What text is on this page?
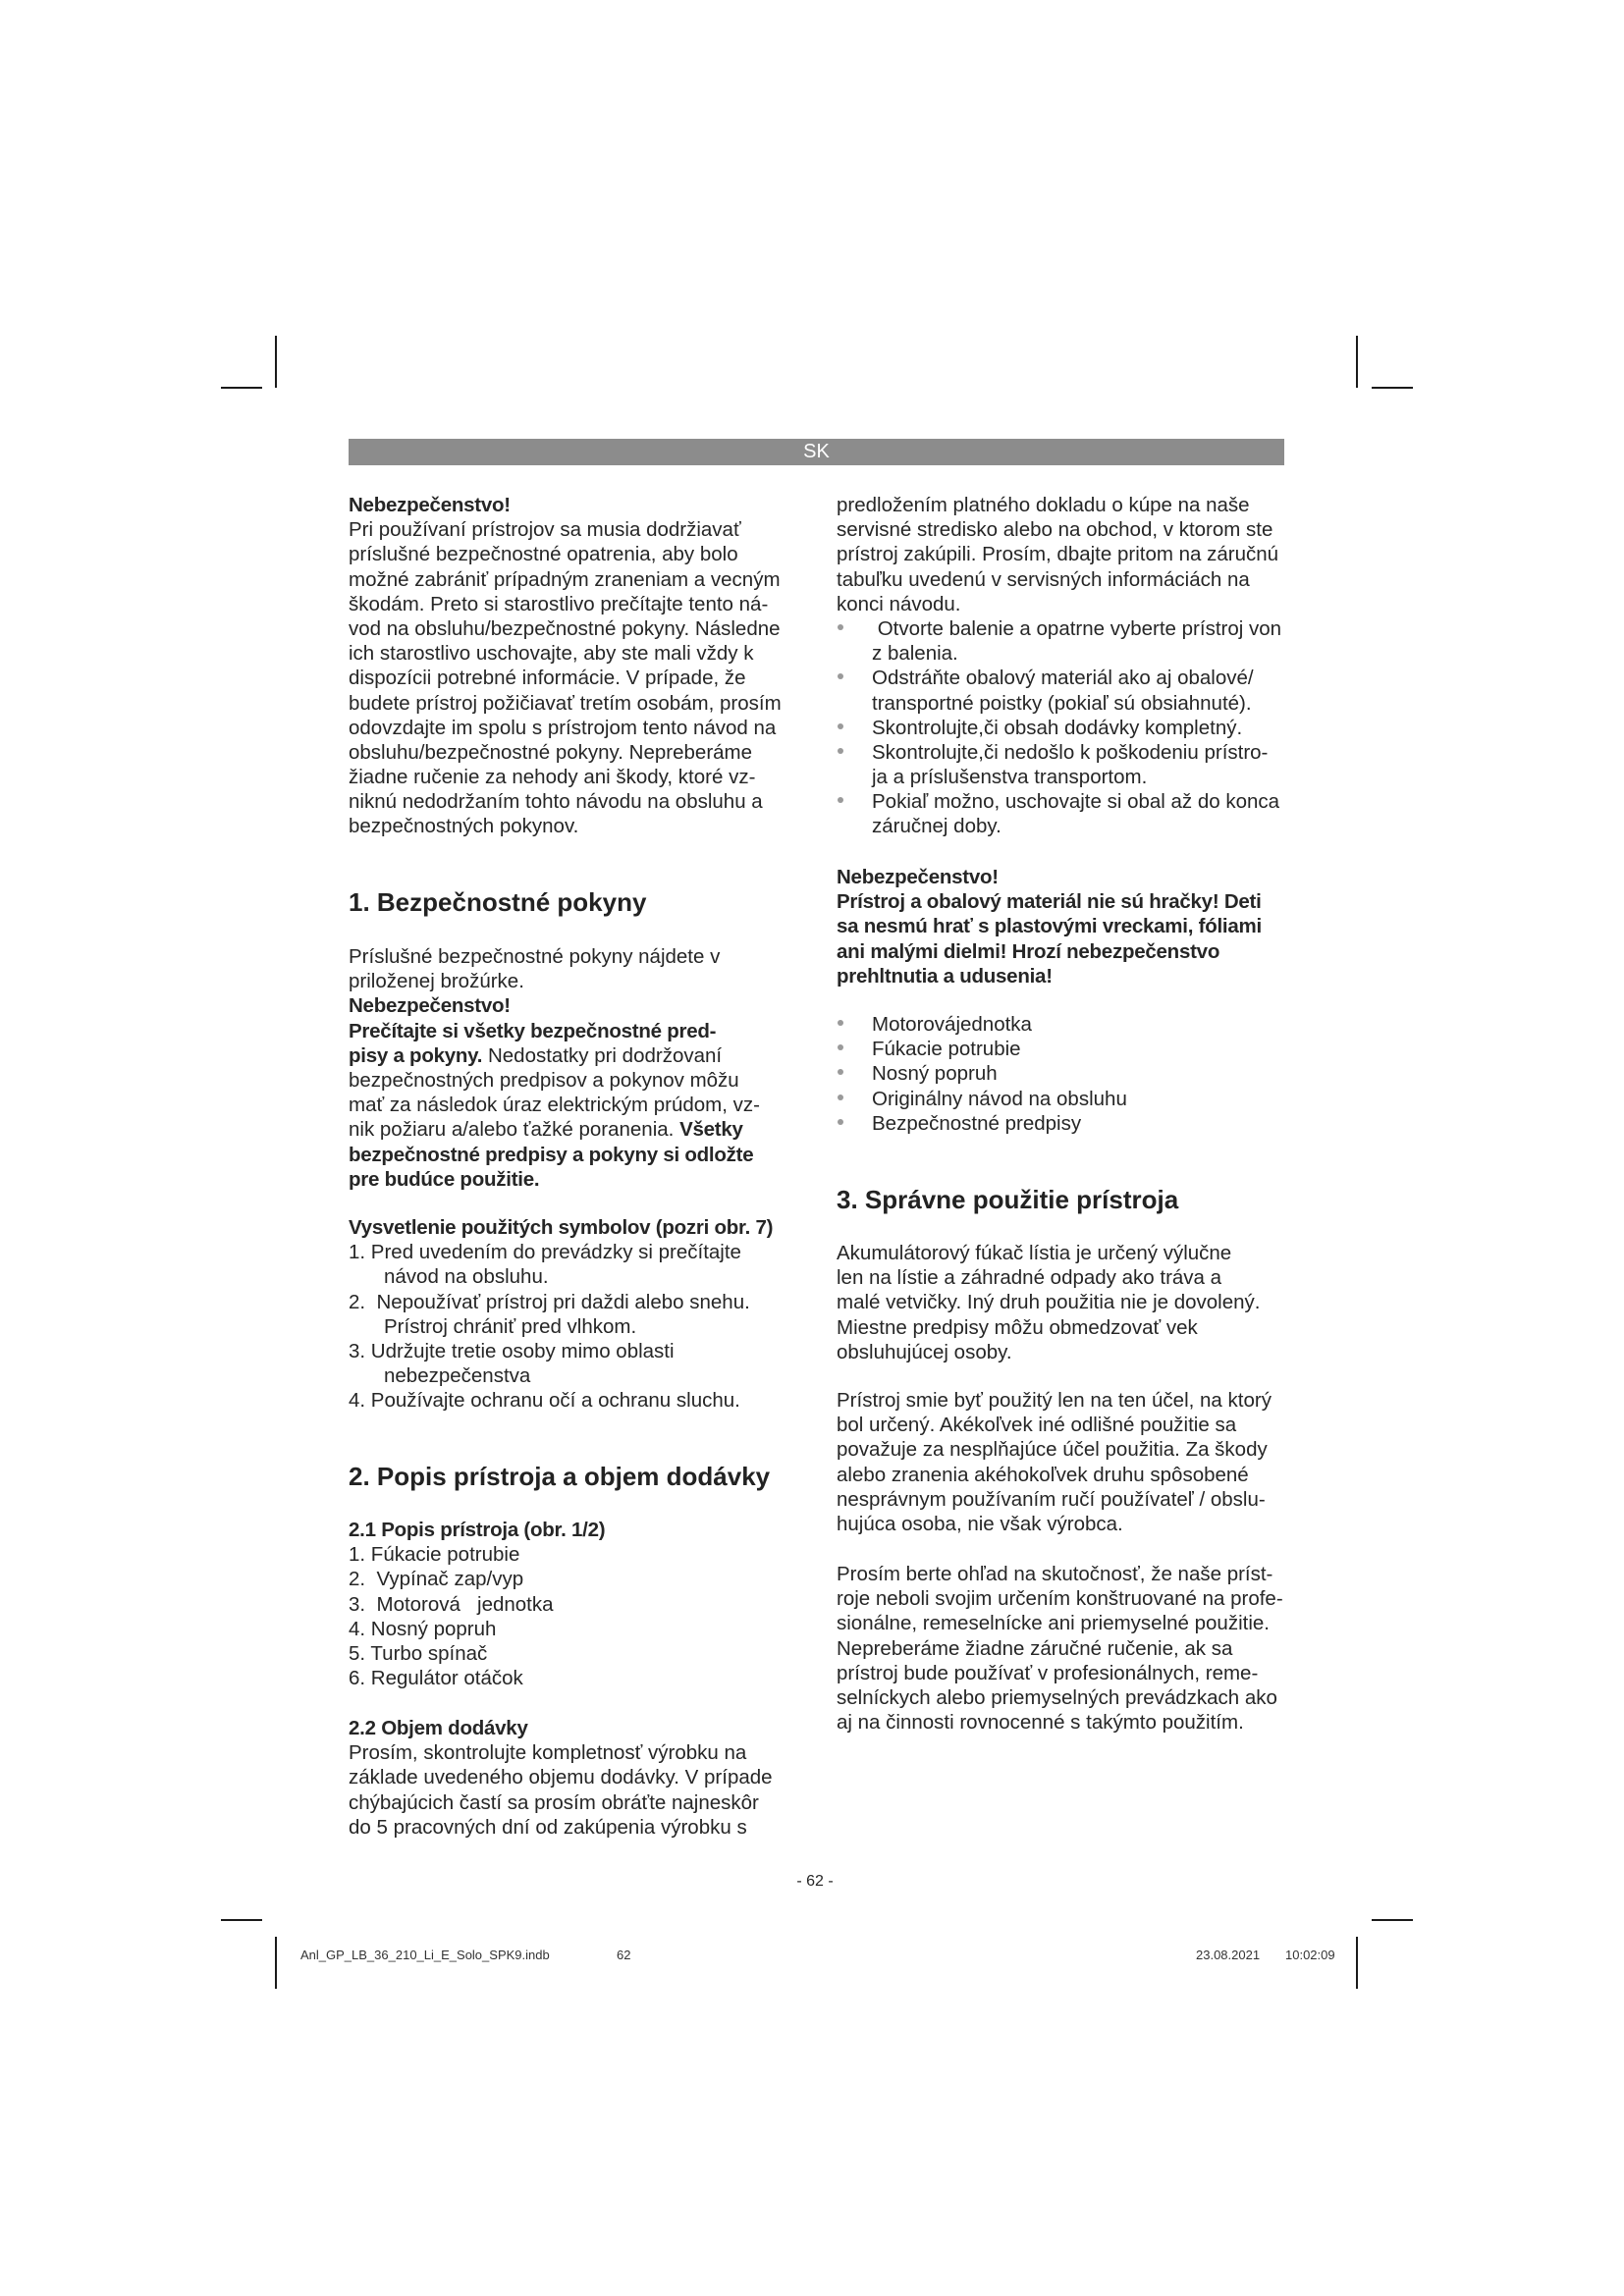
SK
Nebezpečenstvo!
Pri používaní prístrojov sa musia dodržiavať
príslušné bezpečnostné opatrenia, aby bolo
možné zabrániť prípadným zraneniam a vecným
škodám. Preto si starostlivo prečítajte tento ná-
vod na obsluhu/bezpečnostné pokyny. Následne
ich starostlivo uschovajte, aby ste mali vždy k
dispozícii potrebné informácie. V prípade, že
budete prístroj požičiavať tretím osobám, prosím
odovzdajte im spolu s prístrojom tento návod na
obsluhu/bezpečnostné pokyny. Nepreberáme
žiadne ručenie za nehody ani škody, ktoré vz-
niknú nedodržaním tohto návodu na obsluhu a
bezpečnostných pokynov.
1. Bezpečnostné pokyny
Príslušné bezpečnostné pokyny nájdete v
priloženej brožúrke.
Nebezpečenstvo!
Prečítajte si všetky bezpečnostné pred-
pisy a pokyny. Nedostatky pri dodržovaní
bezpečnostných predpisov a pokynov môžu
mať za následok úraz elektrickým prúdom, vz-
nik požiaru a/alebo ťažké poranenia. Všetky
bezpečnostné predpisy a pokyny si odložte
pre budúce použitie.
Vysvetlenie použitých symbolov (pozri obr. 7)
1. Pred uvedením do prevádzky si prečítajte
návod na obsluhu.
2.  Nepoužívať prístroj pri daždi alebo snehu.
Prístroj chrániť pred vlhkom.
3. Udržujte tretie osoby mimo oblasti
nebezpečenstva
4. Používajte ochranu očí a ochranu sluchu.
2. Popis prístroja a objem dodávky
2.1 Popis prístroja (obr. 1/2)
1. Fúkacie potrubie
2.  Vypínač zap/vyp
3.  Motorová   jednotka
4. Nosný popruh
5. Turbo spínač
6. Regulátor otáčok
2.2 Objem dodávky
Prosím, skontrolujte kompletnosť výrobku na
základe uvedeného objemu dodávky. V prípade
chýbajúcich častí sa prosím obráťte najneskôr
do 5 pracovných dní od zakúpenia výrobku s
predložením platného dokladu o kúpe na naše
servisné stredisko alebo na obchod, v ktorom ste
prístroj zakúpili. Prosím, dbajte pritom na záručnú
tabuľku uvedenú v servisných informáciách na
konci návodu.
Otvorte balenie a opatrne vyberte prístroj von
z balenia.
Odstráňte obalový materiál ako aj obalové/
transportné poistky (pokiaľ sú obsiahnuté).
Skontrolujte,či obsah dodávky kompletný.
Skontrolujte,či nedošlo k poškodeniu prístro-
ja a príslušenstva transportom.
Pokiaľ možno, uschovajte si obal až do konca
záručnej doby.
Nebezpečenstvo!
Prístroj a obalový materiál nie sú hračky! Deti
sa nesmú hrať s plastovými vreckami, fóliami
ani malými dielmi! Hrozí nebezpečenstvo
prehltnutia a udusenia!
Motorovájednotka
Fúkacie potrubie
Nosný popruh
Originálny návod na obsluhu
Bezpečnostné predpisy
3. Správne použitie prístroja
Akumulátorový fúkač lístia je určený výlučne
len na lístie a záhradné odpady ako tráva a
malé vetvičky. Iný druh použitia nie je dovolený.
Miestne predpisy môžu obmedzovať vek
obsluhujúcej osoby.
Prístroj smie byť použitý len na ten účel, na ktorý
bol určený. Akékoľvek iné odlišné použitie sa
považuje za nesplňajúce účel použitia. Za škody
alebo zranenia akéhokoľvek druhu spôsobené
nesprávnym používaním ručí používateľ / obslu-
hujúca osoba, nie však výrobca.
Prosím berte ohľad na skutočnosť, že naše príst-
roje neboli svojim určením konštruované na profe-
sionálne, remeselnícke ani priemyselné použitie.
Nepreberáme žiadne záručné ručenie, ak sa
prístroj bude používať v profesionálnych, reme-
selníckych alebo priemyselných prevádzkach ako
aj na činnosti rovnocenné s takýmto použitím.
- 62 -
Anl_GP_LB_36_210_Li_E_Solo_SPK9.indb	62	23.08.2021 10:02:09
